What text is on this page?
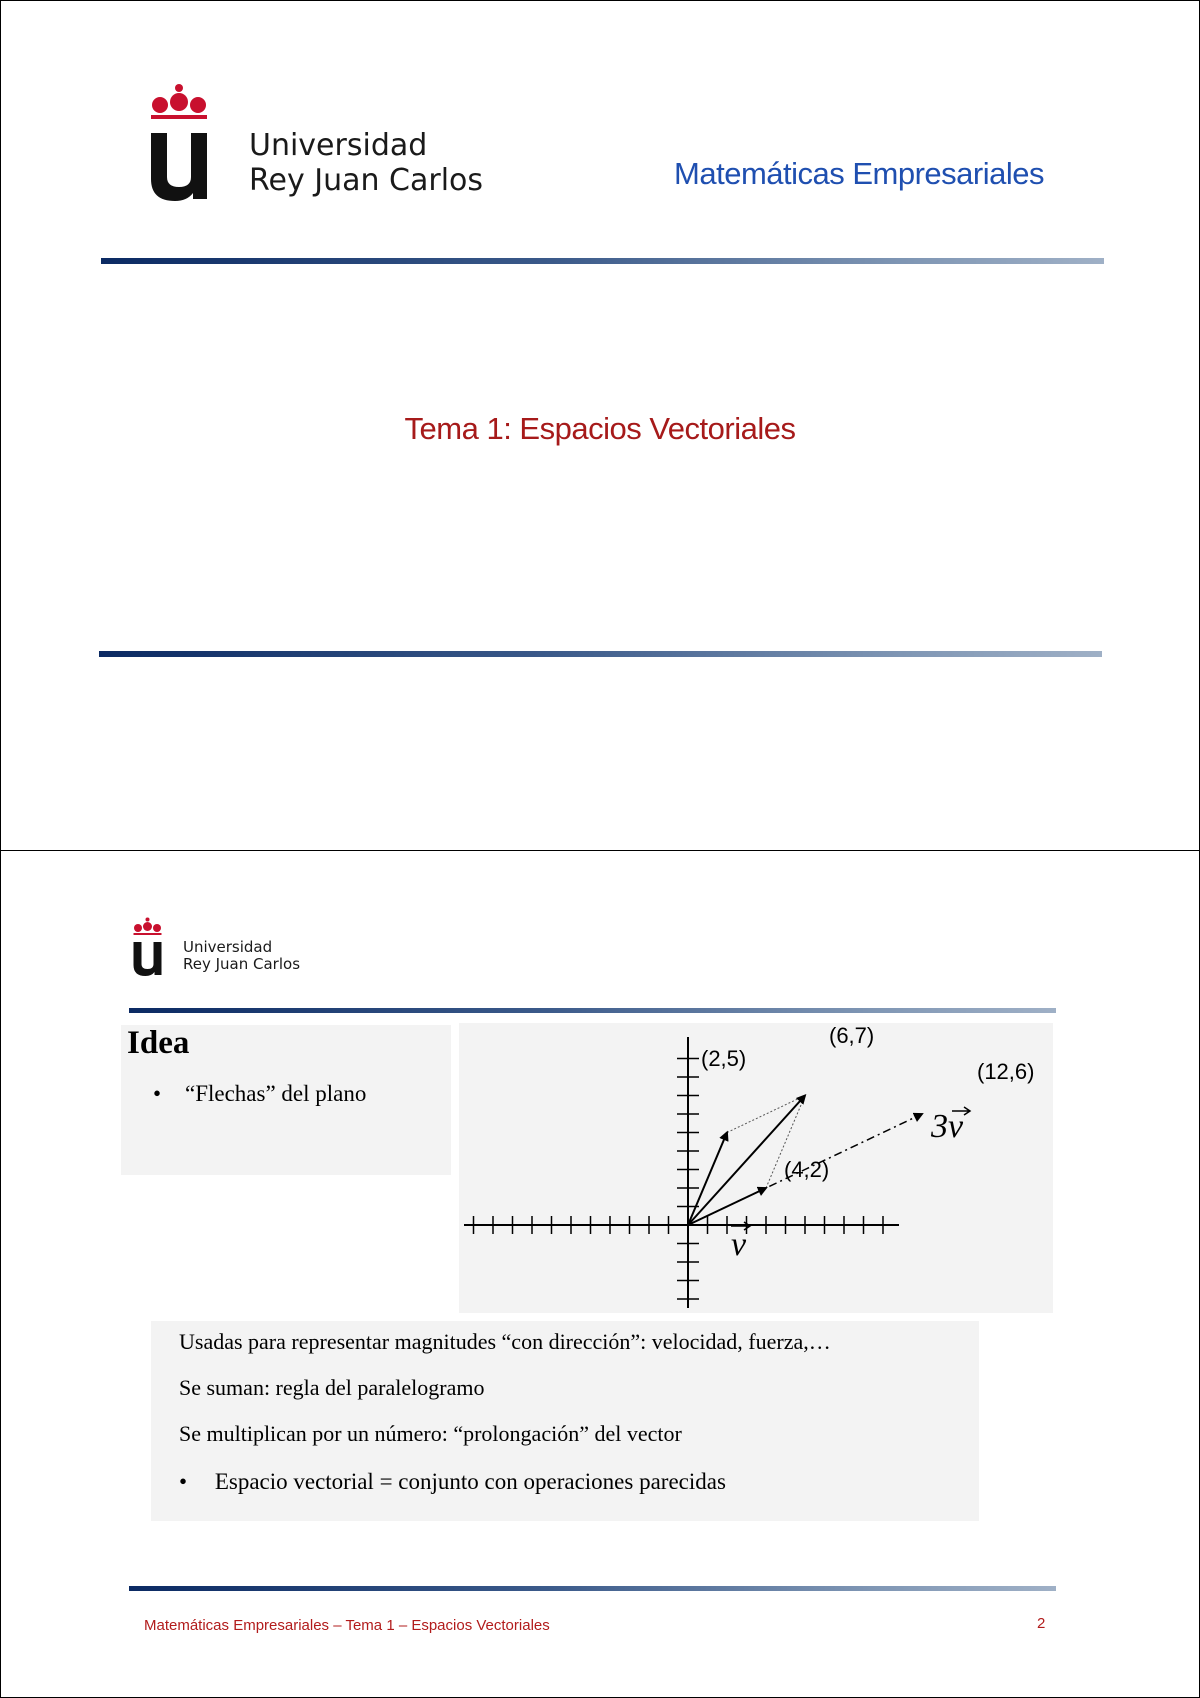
Universidad
Rey Juan Carlos	Matemáticas Empresariales
Tema 1: Espacios Vectoriales
Universidad
Rey Juan Carlos
Idea
• “Flechas” del plano
(2,5)
(6,7)
(12,6)
(4,2)
3v
v
Usadas para representar magnitudes “con dirección”: velocidad, fuerza,…
Se suman: regla del paralelogramo
Se multiplican por un número: “prolongación” del vector
• Espacio vectorial = conjunto con operaciones parecidas
Matemáticas Empresariales – Tema 1 – Espacios Vectoriales	2
